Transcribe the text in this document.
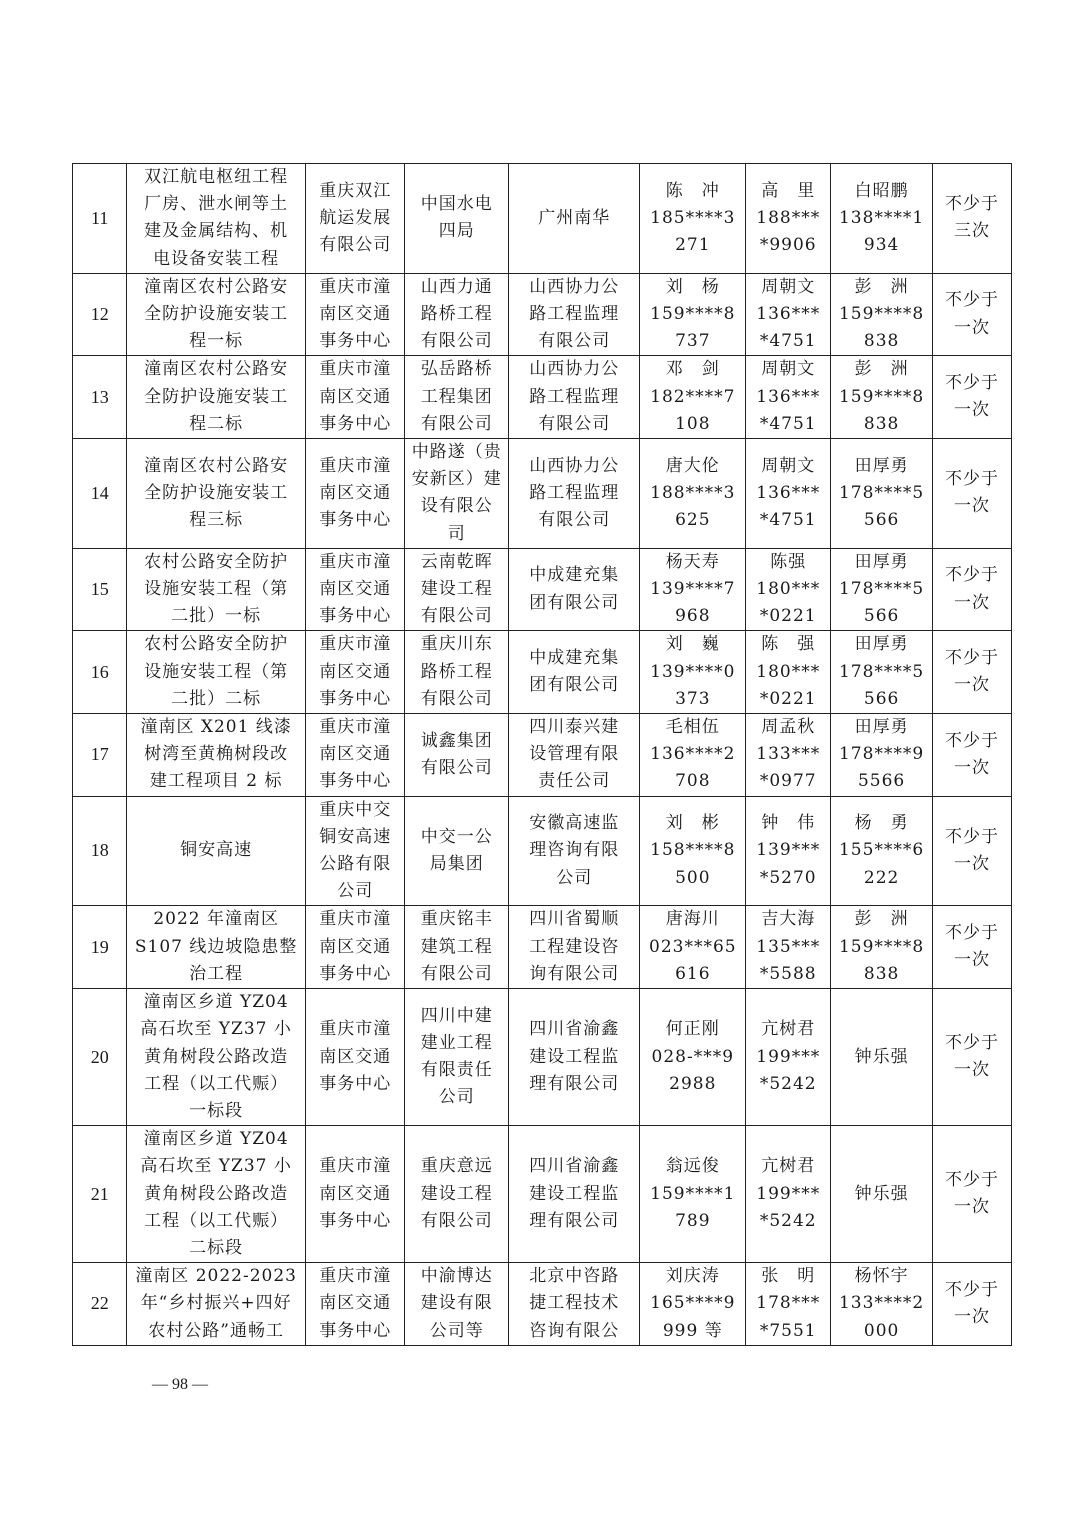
11	双江航电枢纽工程
厂房、泄水闸等土
建及金属结构、机
电设备安装工程	重庆双江
航运发展
有限公司	中国水电
四局	广州南华	陈　冲
185****3
271	高　里
188***
*9906	白昭鹏
138****1
934	不少于
三次

12	潼南区农村公路安
全防护设施安装工
程一标	重庆市潼
南区交通
事务中心	山西力通
路桥工程
有限公司	山西协力公
路工程监理
有限公司	刘　杨
159****8
737	周朝文
136***
*4751	彭　洲
159****8
838	不少于
一次

13	潼南区农村公路安
全防护设施安装工
程二标	重庆市潼
南区交通
事务中心	弘岳路桥
工程集团
有限公司	山西协力公
路工程监理
有限公司	邓　剑
182****7
108	周朝文
136***
*4751	彭　洲
159****8
838	不少于
一次

14	潼南区农村公路安
全防护设施安装工
程三标	重庆市潼
南区交通
事务中心	中路遂（贵
安新区）建
设有限公
司	山西协力公
路工程监理
有限公司	唐大伦
188****3
625	周朝文
136***
*4751	田厚勇
178****5
566	不少于
一次

15	农村公路安全防护
设施安装工程（第
二批）一标	重庆市潼
南区交通
事务中心	云南乾晖
建设工程
有限公司	中成建充集
团有限公司	杨天寿
139****7
968	陈强
180***
*0221	田厚勇
178****5
566	不少于
一次

16	农村公路安全防护
设施安装工程（第
二批）二标	重庆市潼
南区交通
事务中心	重庆川东
路桥工程
有限公司	中成建充集
团有限公司	刘　巍
139****0
373	陈　强
180***
*0221	田厚勇
178****5
566	不少于
一次

17	潼南区 X201 线漆
树湾至黄桷树段改
建工程项目 2 标	重庆市潼
南区交通
事务中心	诚鑫集团
有限公司	四川泰兴建
设管理有限
责任公司	毛相伍
136****2
708	周孟秋
133***
*0977	田厚勇
178****9
5566	不少于
一次

18	铜安高速	重庆中交
铜安高速
公路有限
公司	中交一公
局集团	安徽高速监
理咨询有限
公司	刘　彬
158****8
500	钟　伟
139***
*5270	杨　勇
155****6
222	不少于
一次

19	2022 年潼南区
S107 线边坡隐患整
治工程	重庆市潼
南区交通
事务中心	重庆铭丰
建筑工程
有限公司	四川省蜀顺
工程建设咨
询有限公司	唐海川
023***65
616	吉大海
135***
*5588	彭　洲
159****8
838	不少于
一次

20	潼南区乡道 YZ04
高石坎至 YZ37 小
黄角树段公路改造
工程（以工代赈）
一标段	重庆市潼
南区交通
事务中心	四川中建
建业工程
有限责任
公司	四川省渝鑫
建设工程监
理有限公司	何正刚
028-***9
2988	亢树君
199***
*5242	钟乐强	不少于
一次

21	潼南区乡道 YZ04
高石坎至 YZ37 小
黄角树段公路改造
工程（以工代赈）
二标段	重庆市潼
南区交通
事务中心	重庆意远
建设工程
有限公司	四川省渝鑫
建设工程监
理有限公司	翁远俊
159****1
789	亢树君
199***
*5242	钟乐强	不少于
一次

22	潼南区 2022-2023
年“乡村振兴+四好
农村公路”通畅工	重庆市潼
南区交通
事务中心	中渝博达
建设有限
公司等	北京中咨路
捷工程技术
咨询有限公	刘庆涛
165****9
999 等	张　明
178***
*7551	杨怀宇
133****2
000	不少于
一次
— 98 —
